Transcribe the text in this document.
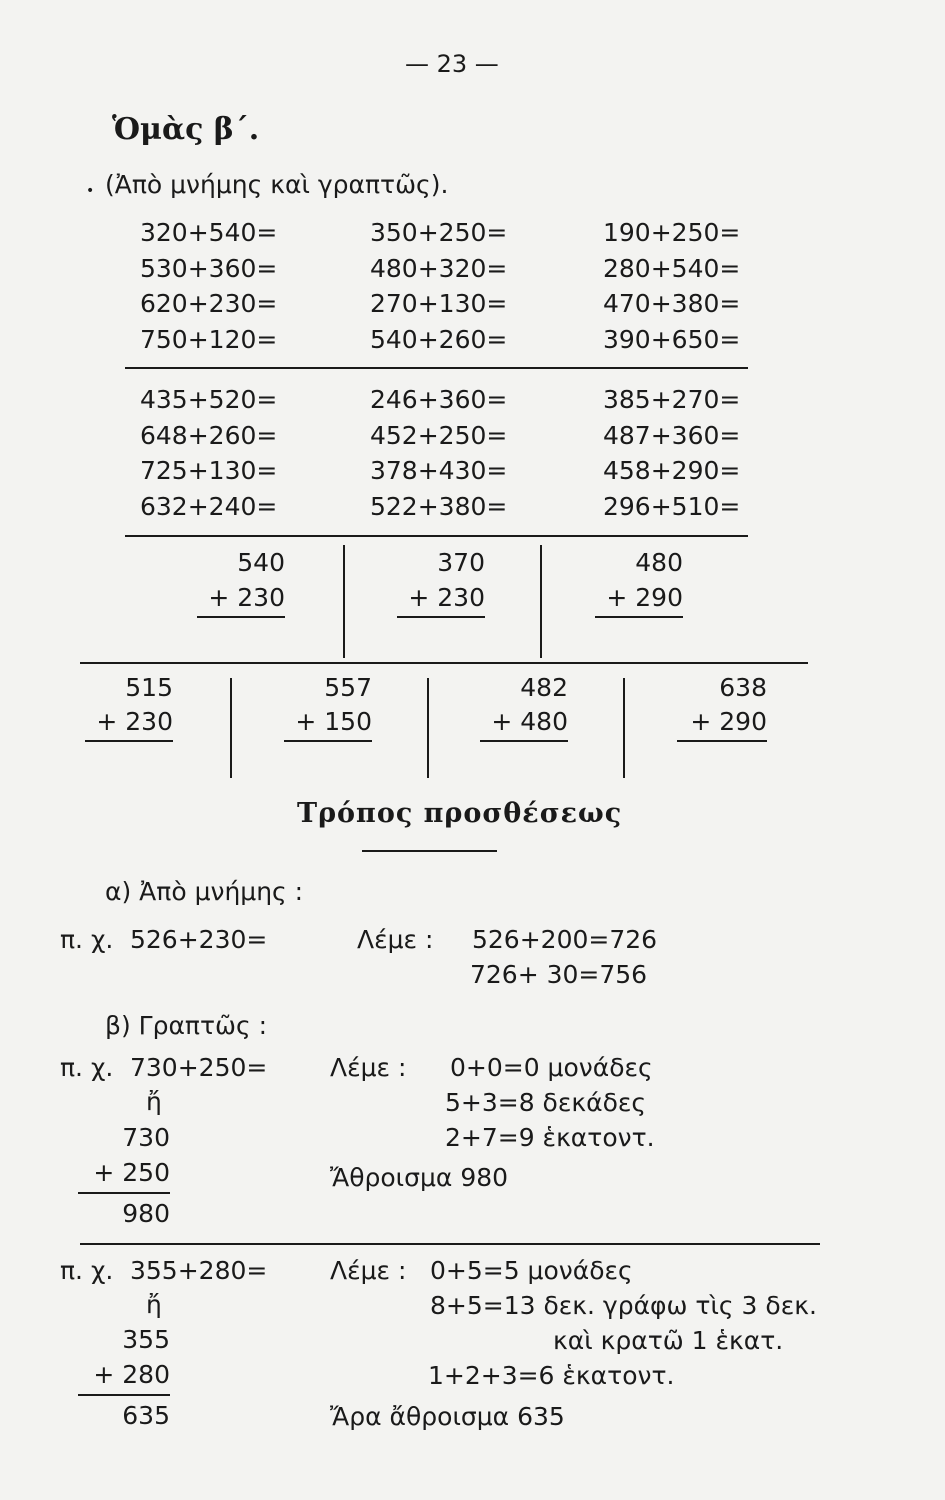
— 23 —
Ὁμὰς β΄.
• (Ἀπὸ μνήμης καὶ γραπτῶς).
320+540=	350+250=	190+250=
530+360=	480+320=	280+540=
620+230=	270+130=	470+380=
750+120=	540+260=	390+650=
435+520=	246+360=	385+270=
648+260=	452+250=	487+360=
725+130=	378+430=	458+290=
632+240=	522+380=	296+510=
540
+ 230
370
+ 230
480
+ 290
515
+ 230
557
+ 150
482
+ 480
638
+ 290
Τρόπος προσθέσεως
α) Ἀπὸ μνήμης :
π. χ. 526+230=	Λέμε : 526+200=726
726+ 30=756
β) Γραπτῶς :
π. χ. 730+250=
ἤ
730
+ 250
980
Λέμε : 0+0=0 μονάδες
5+3=8 δεκάδες
2+7=9 ἑκατοντ.
Ἄθροισμα 980
π. χ. 355+280=
ἤ
355
+ 280
635
Λέμε : 0+5=5 μονάδες
8+5=13 δεκ. γράφω τὶς 3 δεκ.
καὶ κρατῶ 1 ἑκατ.
1+2+3=6 ἑκατοντ.
Ἄρα ἄθροισμα 635
